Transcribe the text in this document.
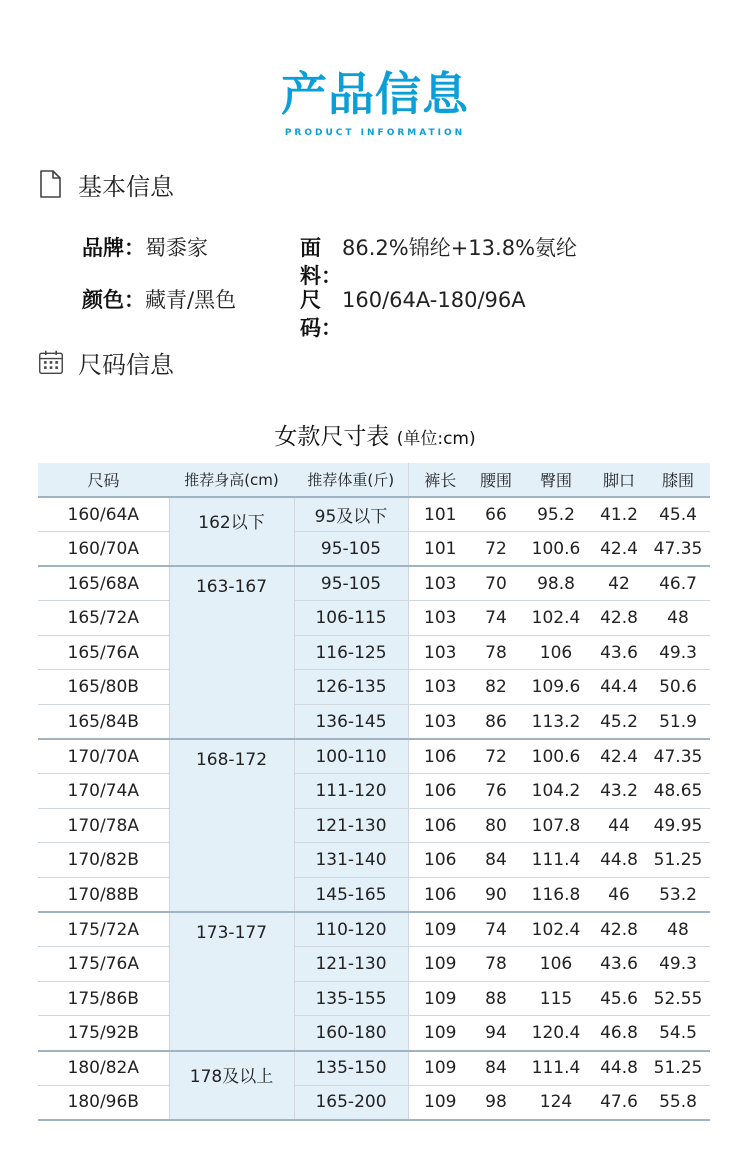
产品信息
PRODUCT INFORMATION
基本信息
品牌： 蜀黍家	面料：
86.2%锦纶+13.8%氨纶
颜色： 藏青/黑色	尺码：
160/64A-180/96A
尺码信息
女款尺寸表 (单位:cm)
尺码	推荐身高(cm)	推荐体重(斤)	裤长	腰围	臀围	脚口	膝围
160/64A	162以下	95及以下	101	66	95.2	41.2	45.4
160/70A		95-105	101	72	100.6	42.4	47.35
165/68A	163-167	95-105	103	70	98.8	42	46.7
165/72A		106-115	103	74	102.4	42.8	48
165/76A		116-125	103	78	106	43.6	49.3
165/80B		126-135	103	82	109.6	44.4	50.6
165/84B		136-145	103	86	113.2	45.2	51.9
170/70A	168-172	100-110	106	72	100.6	42.4	47.35
170/74A		111-120	106	76	104.2	43.2	48.65
170/78A		121-130	106	80	107.8	44	49.95
170/82B		131-140	106	84	111.4	44.8	51.25
170/88B		145-165	106	90	116.8	46	53.2
175/72A	173-177	110-120	109	74	102.4	42.8	48
175/76A		121-130	109	78	106	43.6	49.3
175/86B		135-155	109	88	115	45.6	52.55
175/92B		160-180	109	94	120.4	46.8	54.5
180/82A	178及以上	135-150	109	84	111.4	44.8	51.25
180/96B		165-200	109	98	124	47.6	55.8
